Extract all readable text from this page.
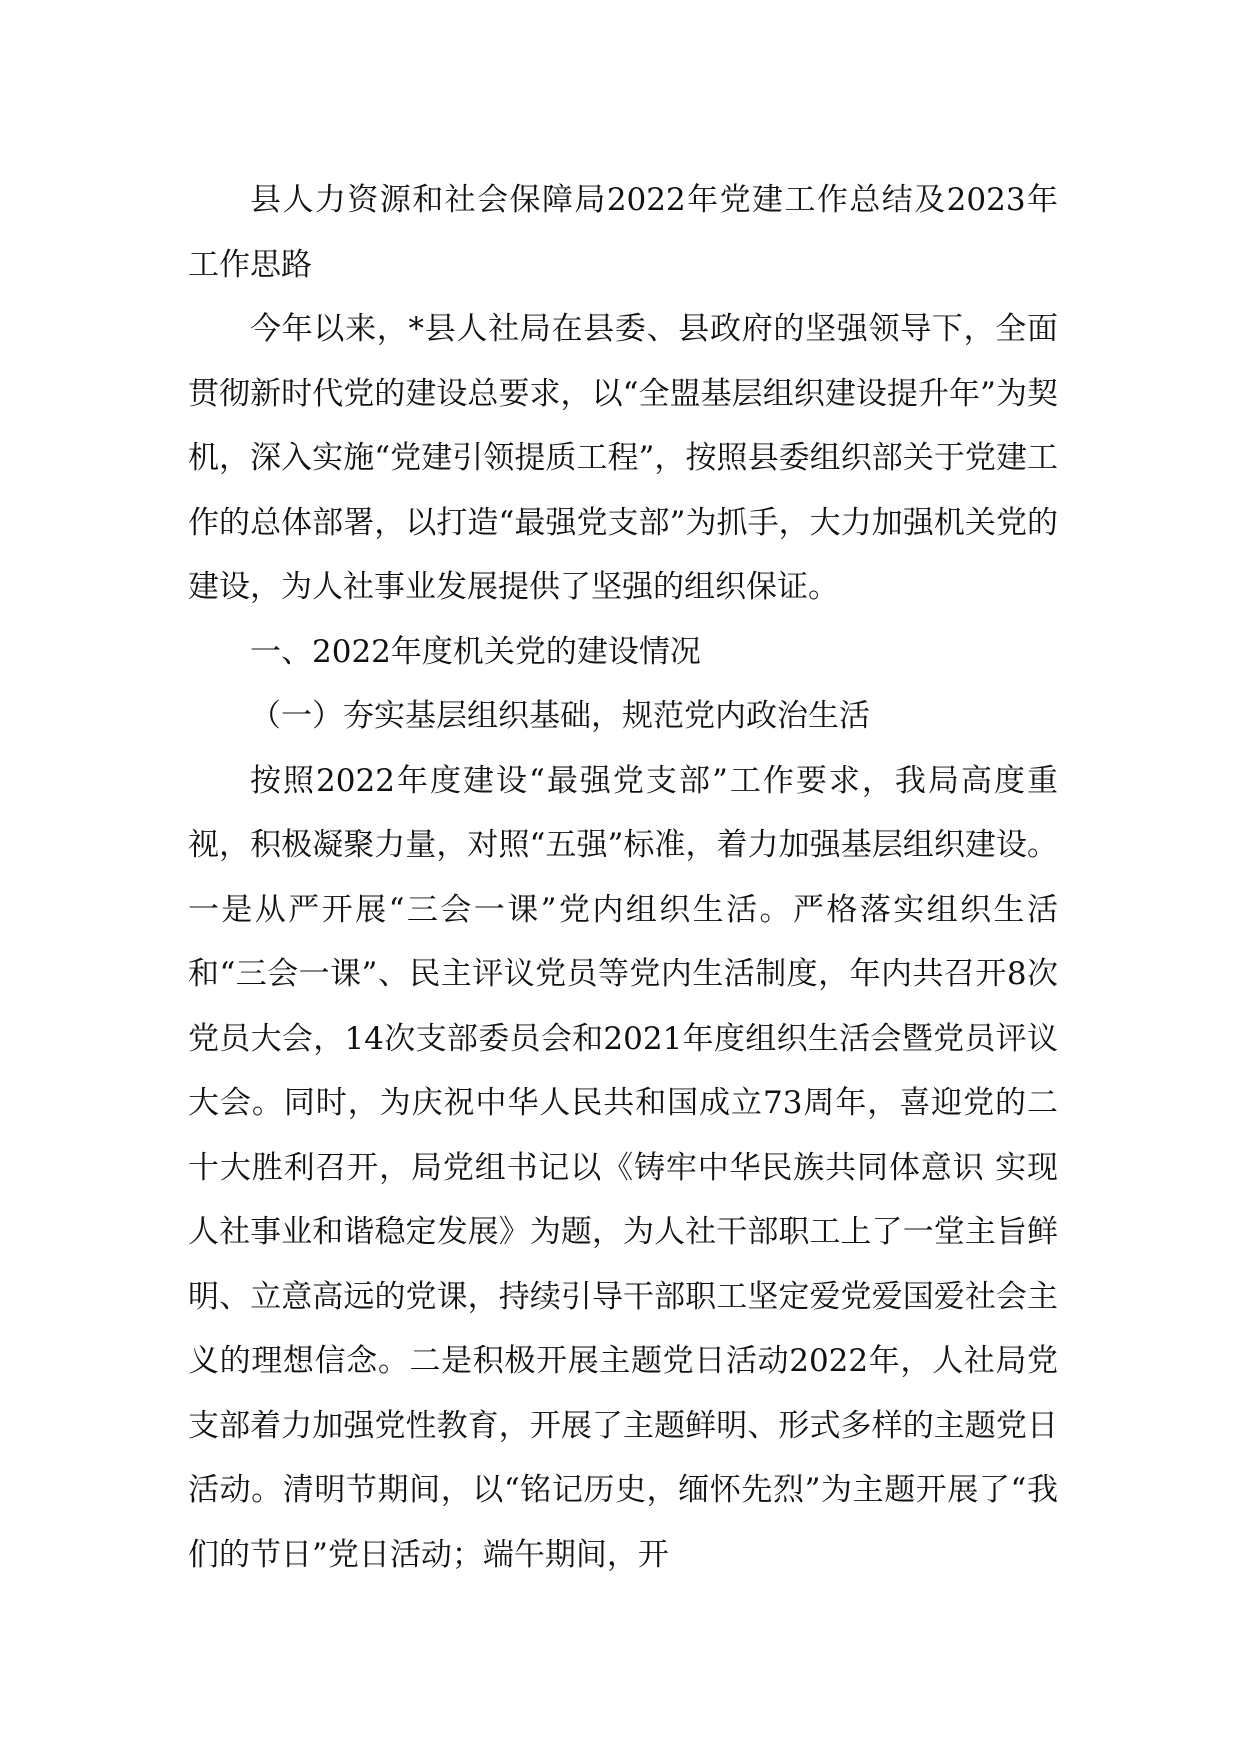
县人力资源和社会保障局2022年党建工作总结及2023年工作思路

今年以来，*县人社局在县委、县政府的坚强领导下，全面贯彻新时代党的建设总要求，以“全盟基层组织建设提升年”为契机，深入实施“党建引领提质工程”，按照县委组织部关于党建工作的总体部署，以打造“最强党支部”为抓手，大力加强机关党的建设，为人社事业发展提供了坚强的组织保证。

一、2022年度机关党的建设情况

（一）夯实基层组织基础，规范党内政治生活

按照2022年度建设“最强党支部”工作要求，我局高度重视，积极凝聚力量，对照“五强”标准，着力加强基层组织建设。一是从严开展“三会一课”党内组织生活。严格落实组织生活和“三会一课”、民主评议党员等党内生活制度，年内共召开8次党员大会，14次支部委员会和2021年度组织生活会暨党员评议大会。同时，为庆祝中华人民共和国成立73周年，喜迎党的二十大胜利召开，局党组书记以《铸牢中华民族共同体意识 实现人社事业和谐稳定发展》为题，为人社干部职工上了一堂主旨鲜明、立意高远的党课，持续引导干部职工坚定爱党爱国爱社会主义的理想信念。二是积极开展主题党日活动2022年，人社局党支部着力加强党性教育，开展了主题鲜明、形式多样的主题党日活动。清明节期间，以“铭记历史，缅怀先烈”为主题开展了“我们的节日”党日活动；端午期间，开
